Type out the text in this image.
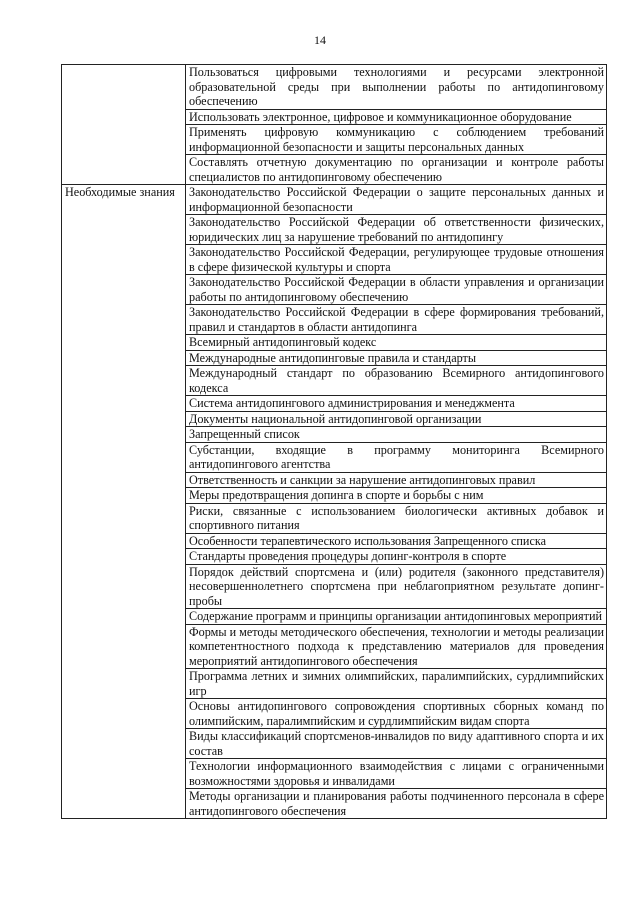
14
	Пользоваться цифровыми технологиями и ресурсами электронной образовательной среды при выполнении работы по антидопинговому обеспечению
	Использовать электронное, цифровое и коммуникационное оборудование
	Применять цифровую коммуникацию с соблюдением требований информационной безопасности и защиты персональных данных
	Составлять отчетную документацию по организации и контроле работы специалистов по антидопинговому обеспечению
Необходимые знания	Законодательство Российской Федерации о защите персональных данных и информационной безопасности
	Законодательство Российской Федерации об ответственности физических, юридических лиц за нарушение требований по антидопингу
	Законодательство Российской Федерации, регулирующее трудовые отношения в сфере физической культуры и спорта
	Законодательство Российской Федерации в области управления и организации работы по антидопинговому обеспечению
	Законодательство Российской Федерации в сфере формирования требований, правил и стандартов в области антидопинга
	Всемирный антидопинговый кодекс
	Международные антидопинговые правила и стандарты
	Международный стандарт по образованию Всемирного антидопингового кодекса
	Система антидопингового администрирования и менеджмента
	Документы национальной антидопинговой организации
	Запрещенный список
	Субстанции, входящие в программу мониторинга Всемирного антидопингового агентства
	Ответственность и санкции за нарушение антидопинговых правил
	Меры предотвращения допинга в спорте и борьбы с ним
	Риски, связанные с использованием биологически активных добавок и спортивного питания
	Особенности терапевтического использования Запрещенного списка
	Стандарты проведения процедуры допинг-контроля в спорте
	Порядок действий спортсмена и (или) родителя (законного представителя) несовершеннолетнего спортсмена при неблагоприятном результате допинг-пробы
	Содержание программ и принципы организации антидопинговых мероприятий
	Формы и методы методического обеспечения, технологии и методы реализации компетентностного подхода к представлению материалов для проведения мероприятий антидопингового обеспечения
	Программа летних и зимних олимпийских, паралимпийских, сурдлимпийских игр
	Основы антидопингового сопровождения спортивных сборных команд по олимпийским, паралимпийским и сурдлимпийским видам спорта
	Виды классификаций спортсменов-инвалидов по виду адаптивного спорта и их состав
	Технологии информационного взаимодействия с лицами с ограниченными возможностями здоровья и инвалидами
	Методы организации и планирования работы подчиненного персонала в сфере антидопингового обеспечения
